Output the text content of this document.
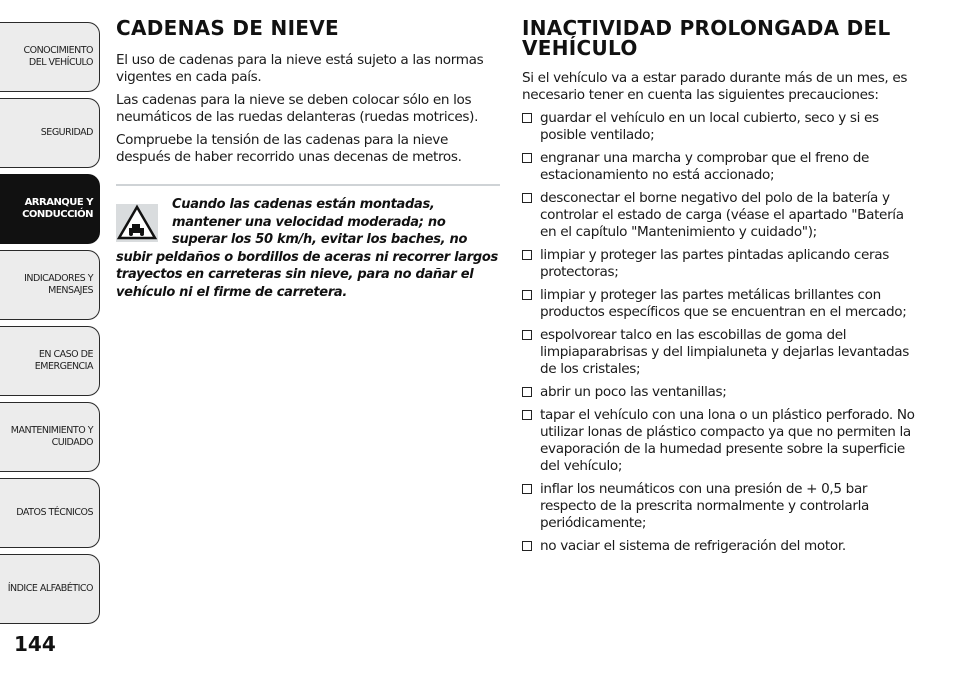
CONOCIMIENTO
DEL VEHÍCULO
SEGURIDAD
ARRANQUE Y
CONDUCCIÓN
INDICADORES Y
MENSAJES
EN CASO DE
EMERGENCIA
MANTENIMIENTO Y
CUIDADO
DATOS TÉCNICOS
ÍNDICE ALFABÉTICO
144
CADENAS DE NIEVE

El uso de cadenas para la nieve está sujeto a las normas vigentes en cada país.

Las cadenas para la nieve se deben colocar sólo en los neumáticos de las ruedas delanteras (ruedas motrices).

Compruebe la tensión de las cadenas para la nieve después de haber recorrido unas decenas de metros.

Cuando las cadenas están montadas, mantener una velocidad moderada; no superar los 50 km/h, evitar los baches, no subir peldaños o bordillos de aceras ni recorrer largos trayectos en carreteras sin nieve, para no dañar el vehículo ni el firme de carretera.
INACTIVIDAD PROLONGADA DEL VEHÍCULO

Si el vehículo va a estar parado durante más de un mes, es necesario tener en cuenta las siguientes precauciones:

guardar el vehículo en un local cubierto, seco y si es posible ventilado;
engranar una marcha y comprobar que el freno de estacionamiento no está accionado;
desconectar el borne negativo del polo de la batería y controlar el estado de carga (véase el apartado "Batería en el capítulo "Mantenimiento y cuidado");
limpiar y proteger las partes pintadas aplicando ceras protectoras;
limpiar y proteger las partes metálicas brillantes con productos específicos que se encuentran en el mercado;
espolvorear talco en las escobillas de goma del limpiaparabrisas y del limpialuneta y dejarlas levantadas de los cristales;
abrir un poco las ventanillas;
tapar el vehículo con una lona o un plástico perforado. No utilizar lonas de plástico compacto ya que no permiten la evaporación de la humedad presente sobre la superficie del vehículo;
inflar los neumáticos con una presión de + 0,5 bar respecto de la prescrita normalmente y controlarla periódicamente;
no vaciar el sistema de refrigeración del motor.
